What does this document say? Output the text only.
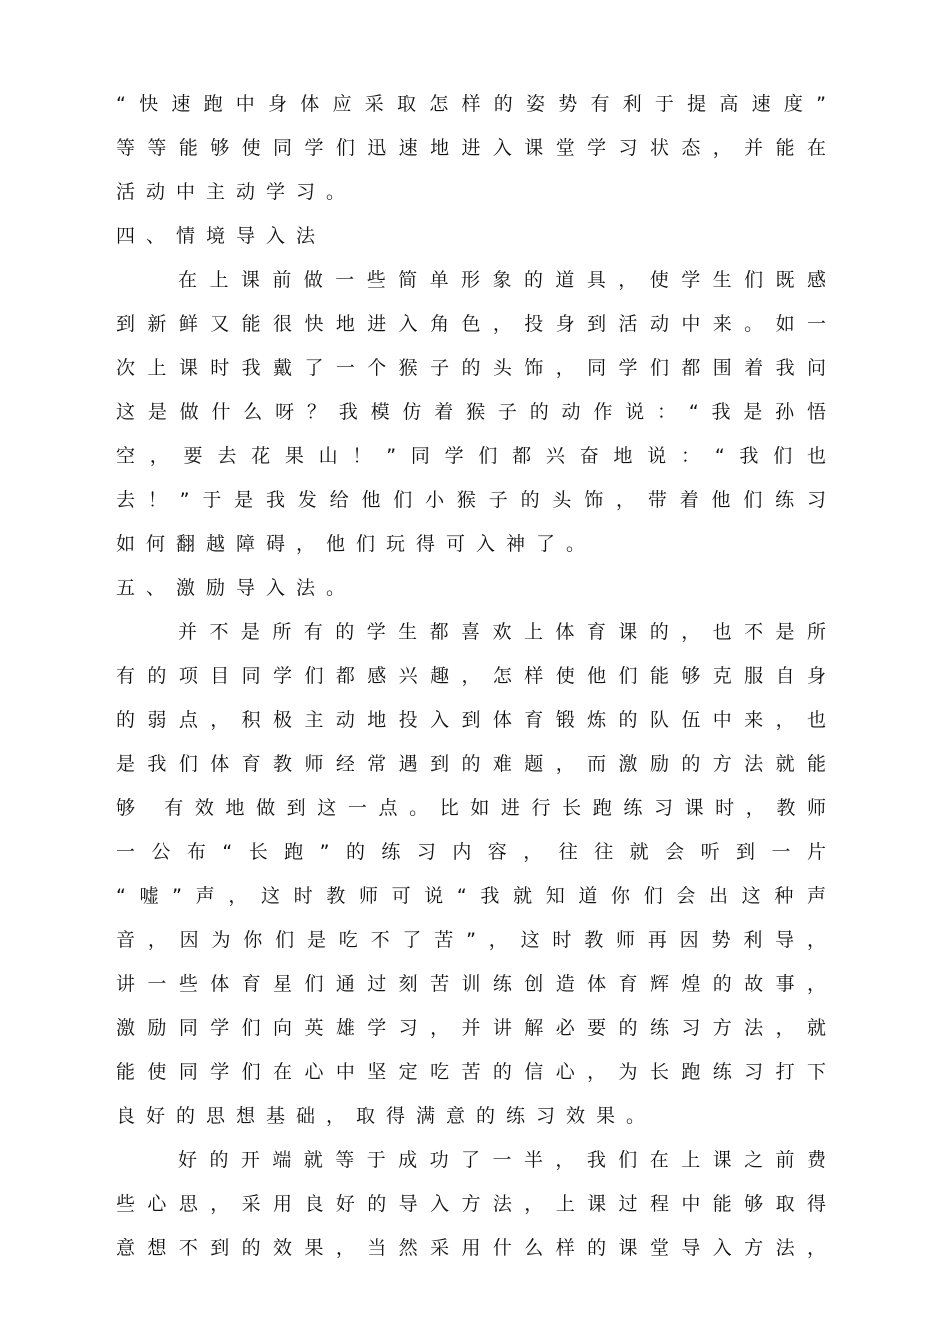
“快速跑中身体应采取怎样的姿势有利于提高速度”
等等能够使同学们迅速地进入课堂学习状态，并能在
活动中主动学习。
四、情境导入法
在上课前做一些简单形象的道具，使学生们既感
到新鲜又能很快地进入角色，投身到活动中来。如一
次上课时我戴了一个猴子的头饰，同学们都围着我问
这是做什么呀？我模仿着猴子的动作说：“我是孙悟
空，要去花果山！”同学们都兴奋地说：“我们也
去！”于是我发给他们小猴子的头饰，带着他们练习
如何翻越障碍，他们玩得可入神了。
五、激励导入法。
并不是所有的学生都喜欢上体育课的，也不是所
有的项目同学们都感兴趣，怎样使他们能够克服自身
的弱点，积极主动地投入到体育锻炼的队伍中来，也
是我们体育教师经常遇到的难题，而激励的方法就能
够 有效地做到这一点。比如进行长跑练习课时，教师
一公布“长跑”的练习内容，往往就会听到一片
“嘘”声，这时教师可说“我就知道你们会出这种声
音，因为你们是吃不了苦”，这时教师再因势利导，
讲一些体育星们通过刻苦训练创造体育辉煌的故事，
激励同学们向英雄学习，并讲解必要的练习方法，就
能使同学们在心中坚定吃苦的信心，为长跑练习打下
良好的思想基础，取得满意的练习效果。
好的开端就等于成功了一半，我们在上课之前费
些心思，采用良好的导入方法，上课过程中能够取得
意想不到的效果，当然采用什么样的课堂导入方法，
